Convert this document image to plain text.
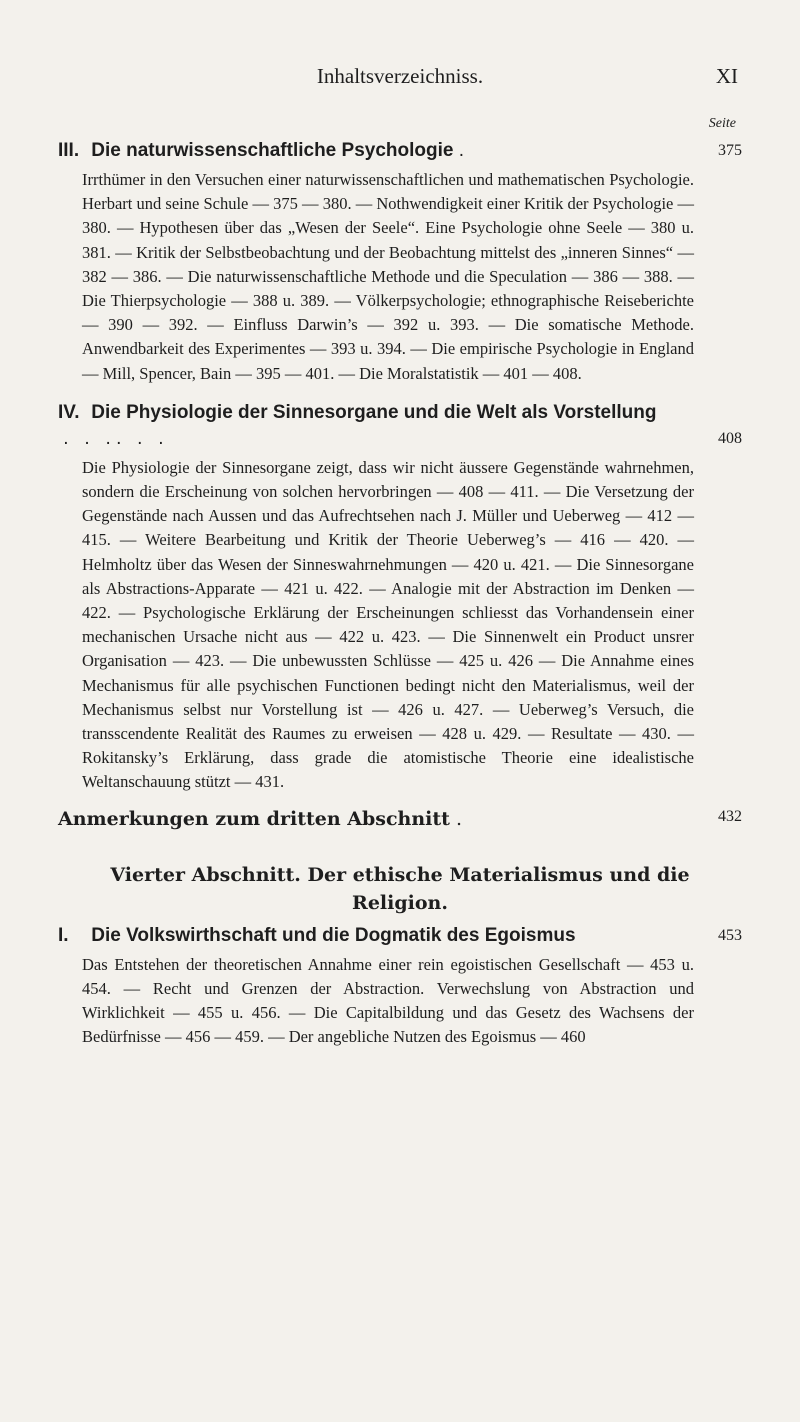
Inhaltsverzeichniss.	XI
Seite
III. Die naturwissenschaftliche Psychologie .	375
Irrthümer in den Versuchen einer naturwissenschaftlichen und mathematischen Psychologie. Herbart und seine Schule — 375 — 380. — Nothwendigkeit einer Kritik der Psychologie — 380. — Hypothesen über das „Wesen der Seele“. Eine Psychologie ohne Seele — 380 u. 381. — Kritik der Selbstbeobachtung und der Beobachtung mittelst des „inneren Sinnes“ — 382 — 386. — Die naturwissenschaftliche Methode und die Speculation — 386 — 388. — Die Thierpsychologie — 388 u. 389. — Völkerpsychologie; ethnographische Reiseberichte — 390 — 392. — Einfluss Darwin’s — 392 u. 393. — Die somatische Methode. Anwendbarkeit des Experimentes — 393 u. 394. — Die empirische Psychologie in England — Mill, Spencer, Bain — 395 — 401. — Die Moralstatistik — 401 — 408.
IV. Die Physiologie der Sinnesorgane und die Welt als Vorstellung .   .   . .   .   .	408
Die Physiologie der Sinnesorgane zeigt, dass wir nicht äussere Gegenstände wahrnehmen, sondern die Erscheinung von solchen hervorbringen — 408 — 411. — Die Versetzung der Gegenstände nach Aussen und das Aufrechtsehen nach J. Müller und Ueberweg — 412 — 415. — Weitere Bearbeitung und Kritik der Theorie Ueberweg’s — 416 — 420. — Helmholtz über das Wesen der Sinneswahrnehmungen — 420 u. 421. — Die Sinnesorgane als Abstractions-Apparate — 421 u. 422. — Analogie mit der Abstraction im Denken — 422. — Psychologische Erklärung der Erscheinungen schliesst das Vorhandensein einer mechanischen Ursache nicht aus — 422 u. 423. — Die Sinnenwelt ein Product unsrer Organisation — 423. — Die unbewussten Schlüsse — 425 u. 426 — Die Annahme eines Mechanismus für alle psychischen Functionen bedingt nicht den Materialismus, weil der Mechanismus selbst nur Vorstellung ist — 426 u. 427. — Ueberweg’s Versuch, die transscendente Realität des Raumes zu erweisen — 428 u. 429. — Resultate — 430. — Rokitansky’s Erklärung, dass grade die atomistische Theorie eine idealistische Weltanschauung stützt — 431.
Anmerkungen zum dritten Abschnitt .	432
Vierter Abschnitt. Der ethische Materialismus und die
Religion.
I. Die Volkswirthschaft und die Dogmatik des Egoismus	453
Das Entstehen der theoretischen Annahme einer rein egoistischen Gesellschaft — 453 u. 454. — Recht und Grenzen der Abstraction. Verwechslung von Abstraction und Wirklichkeit — 455 u. 456. — Die Capitalbildung und das Gesetz des Wachsens der Bedürfnisse — 456 — 459. — Der angebliche Nutzen des Egoismus — 460
